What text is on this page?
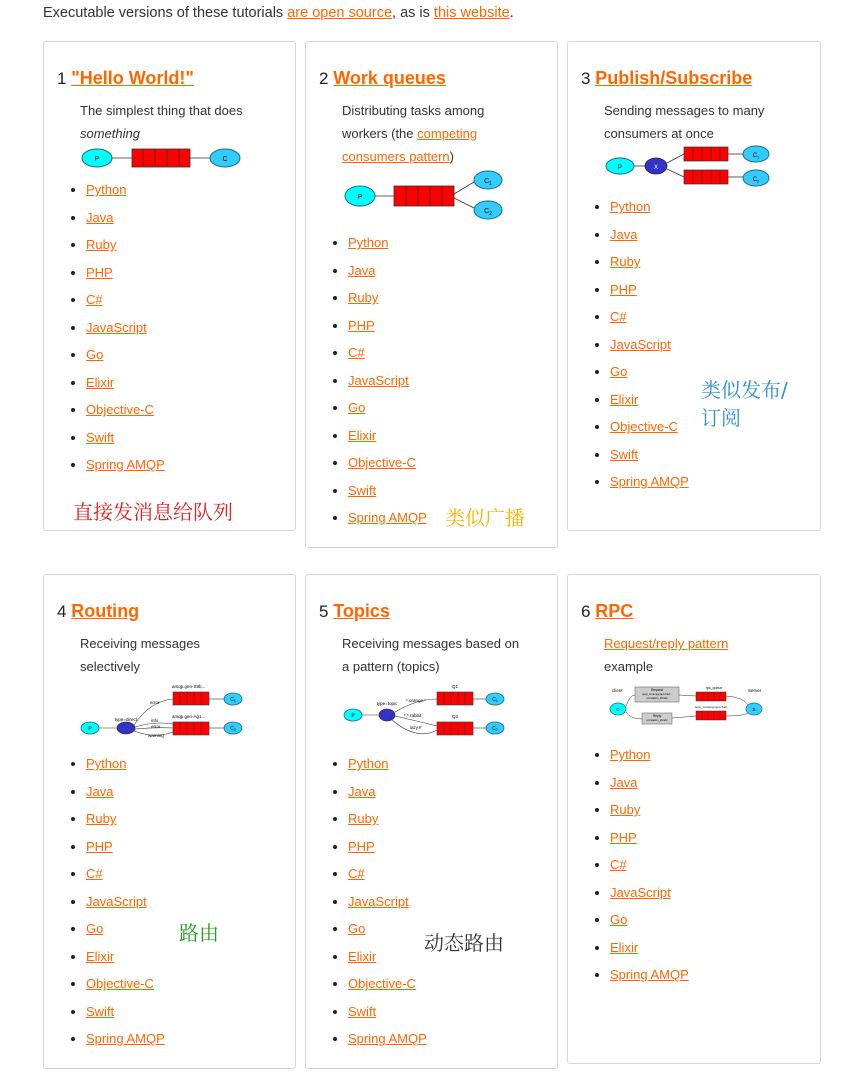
Executable versions of these tutorials are open source, as is this website.
1 "Hello World!"
The simplest thing that does something
P	C
• Python
• Java
• Ruby
• PHP
• C#
• JavaScript
• Go
• Elixir
• Objective-C
• Swift
• Spring AMQP
直接发消息给队列
2 Work queues
Distributing tasks among workers (the competing consumers pattern)
P
$C_1$
$C_2$
• Python
• Java
• Ruby
• PHP
• C#
• JavaScript
• Go
• Elixir
• Objective-C
• Swift
• Spring AMQP 类似广播
3 Publish/Subscribe
Sending messages to many consumers at once
P	X
$C_1$
$C_2$
• Python
• Java
• Ruby
• PHP
• C#
• JavaScript
• Go
• Elixir
• Objective-C
• Swift
• Spring AMQP
类似发布/
订阅
4 Routing
Receiving messages selectively
P
type=direct
error
info
error
warning
amqp.gen-S9b...
amqp.gen-Ag1...
$C_1$
$C_2$
• Python
• Java
• Ruby
• PHP
• C#
• JavaScript
• Go
• Elixir
• Objective-C
• Swift
• Spring AMQP
路由
5 Topics
Receiving messages based on a pattern (topics)
P
type=topic
*.orange.*
*.*.rabbit
lazy.#
Q1
Q2
$C_1$
$C_2$
• Python
• Java
• Ruby
• PHP
• C#
• JavaScript
• Go
• Elixir
• Objective-C
• Swift
• Spring AMQP
动态路由
6 RPC
Request/reply pattern
example
client	Server
C	S
Request
reply_to=amqp.gen-Xa2...
correlation_id=abc
Reply
correlation_id=abc
rpc_queue
reply_to=amqp.gen-Xa2...
• Python
• Java
• Ruby
• PHP
• C#
• JavaScript
• Go
• Elixir
• Spring AMQP
